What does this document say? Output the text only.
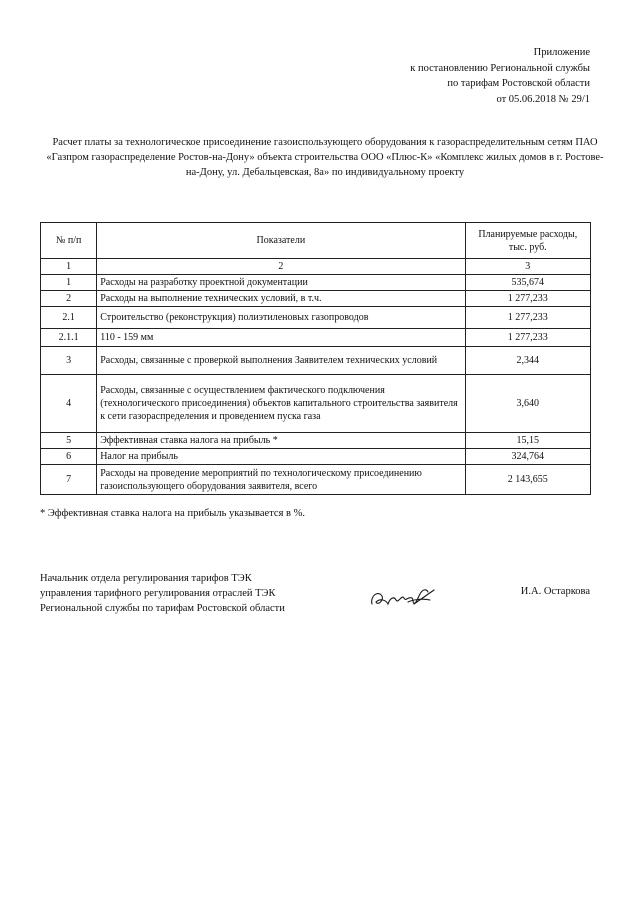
Приложение
к постановлению Региональной службы
по тарифам Ростовской области
от 05.06.2018 № 29/1
Расчет платы за технологическое присоединение газоиспользующего оборудования к газораспределительным сетям ПАО «Газпром газораспределение Ростов-на-Дону» объекта строительства ООО «Плюс-К» «Комплекс жилых домов в г. Ростове-на-Дону, ул. Дебальцевская, 8а» по индивидуальному проекту
№ п/п	Показатели	Планируемые расходы, тыс. руб.
1	2	3
1	Расходы на разработку проектной документации	535,674
2	Расходы на выполнение технических условий, в т.ч.	1 277,233
2.1	Строительство (реконструкция) полиэтиленовых газопроводов	1 277,233
2.1.1	110 - 159 мм	1 277,233
3	Расходы, связанные с проверкой выполнения Заявителем технических условий	2,344
4	Расходы, связанные с осуществлением фактического подключения (технологического присоединения) объектов капитального строительства заявителя к сети газораспределения и проведением пуска газа	3,640
5	Эффективная ставка налога на прибыль *	15,15
6	Налог на прибыль	324,764
7	Расходы на проведение мероприятий по технологическому присоединению газоиспользующего оборудования заявителя, всего	2 143,655
* Эффективная ставка налога на прибыль указывается в %.
Начальник отдела регулирования тарифов ТЭК
управления тарифного регулирования отраслей ТЭК
Региональной службы по тарифам Ростовской области
И.А. Остаркова
